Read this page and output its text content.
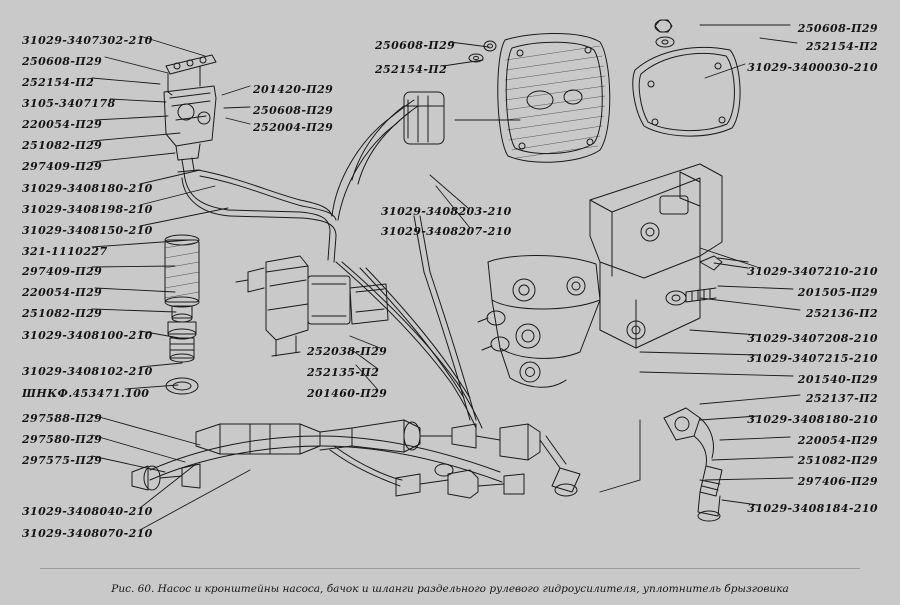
31029-3407302-210
250608-П29
252154-П2
3105-3407178
220054-П29
251082-П29
297409-П29
31029-3408180-210
31029-3408198-210
31029-3408150-210
321-1110227
297409-П29
220054-П29
251082-П29
31029-3408100-210
31029-3408102-210
ШНКФ.453471.100
297588-П29
297580-П29
297575-П29
31029-3408040-210
31029-3408070-210
201420-П29
250608-П29
252004-П29
250608-П29
252154-П2
31029-3408203-210
31029-3408207-210
252038-П29
252135-П2
201460-П29
250608-П29
252154-П2
31029-3400030-210
31029-3407210-210
201505-П29
252136-П2
31029-3407208-210
31029-3407215-210
201540-П29
252137-П2
31029-3408180-210
220054-П29
251082-П29
297406-П29
31029-3408184-210
Рис. 60. Насос и кронштейны насоса, бачок и шланги раздельного рулевого гидроусилителя, уплотнитель брызговика
